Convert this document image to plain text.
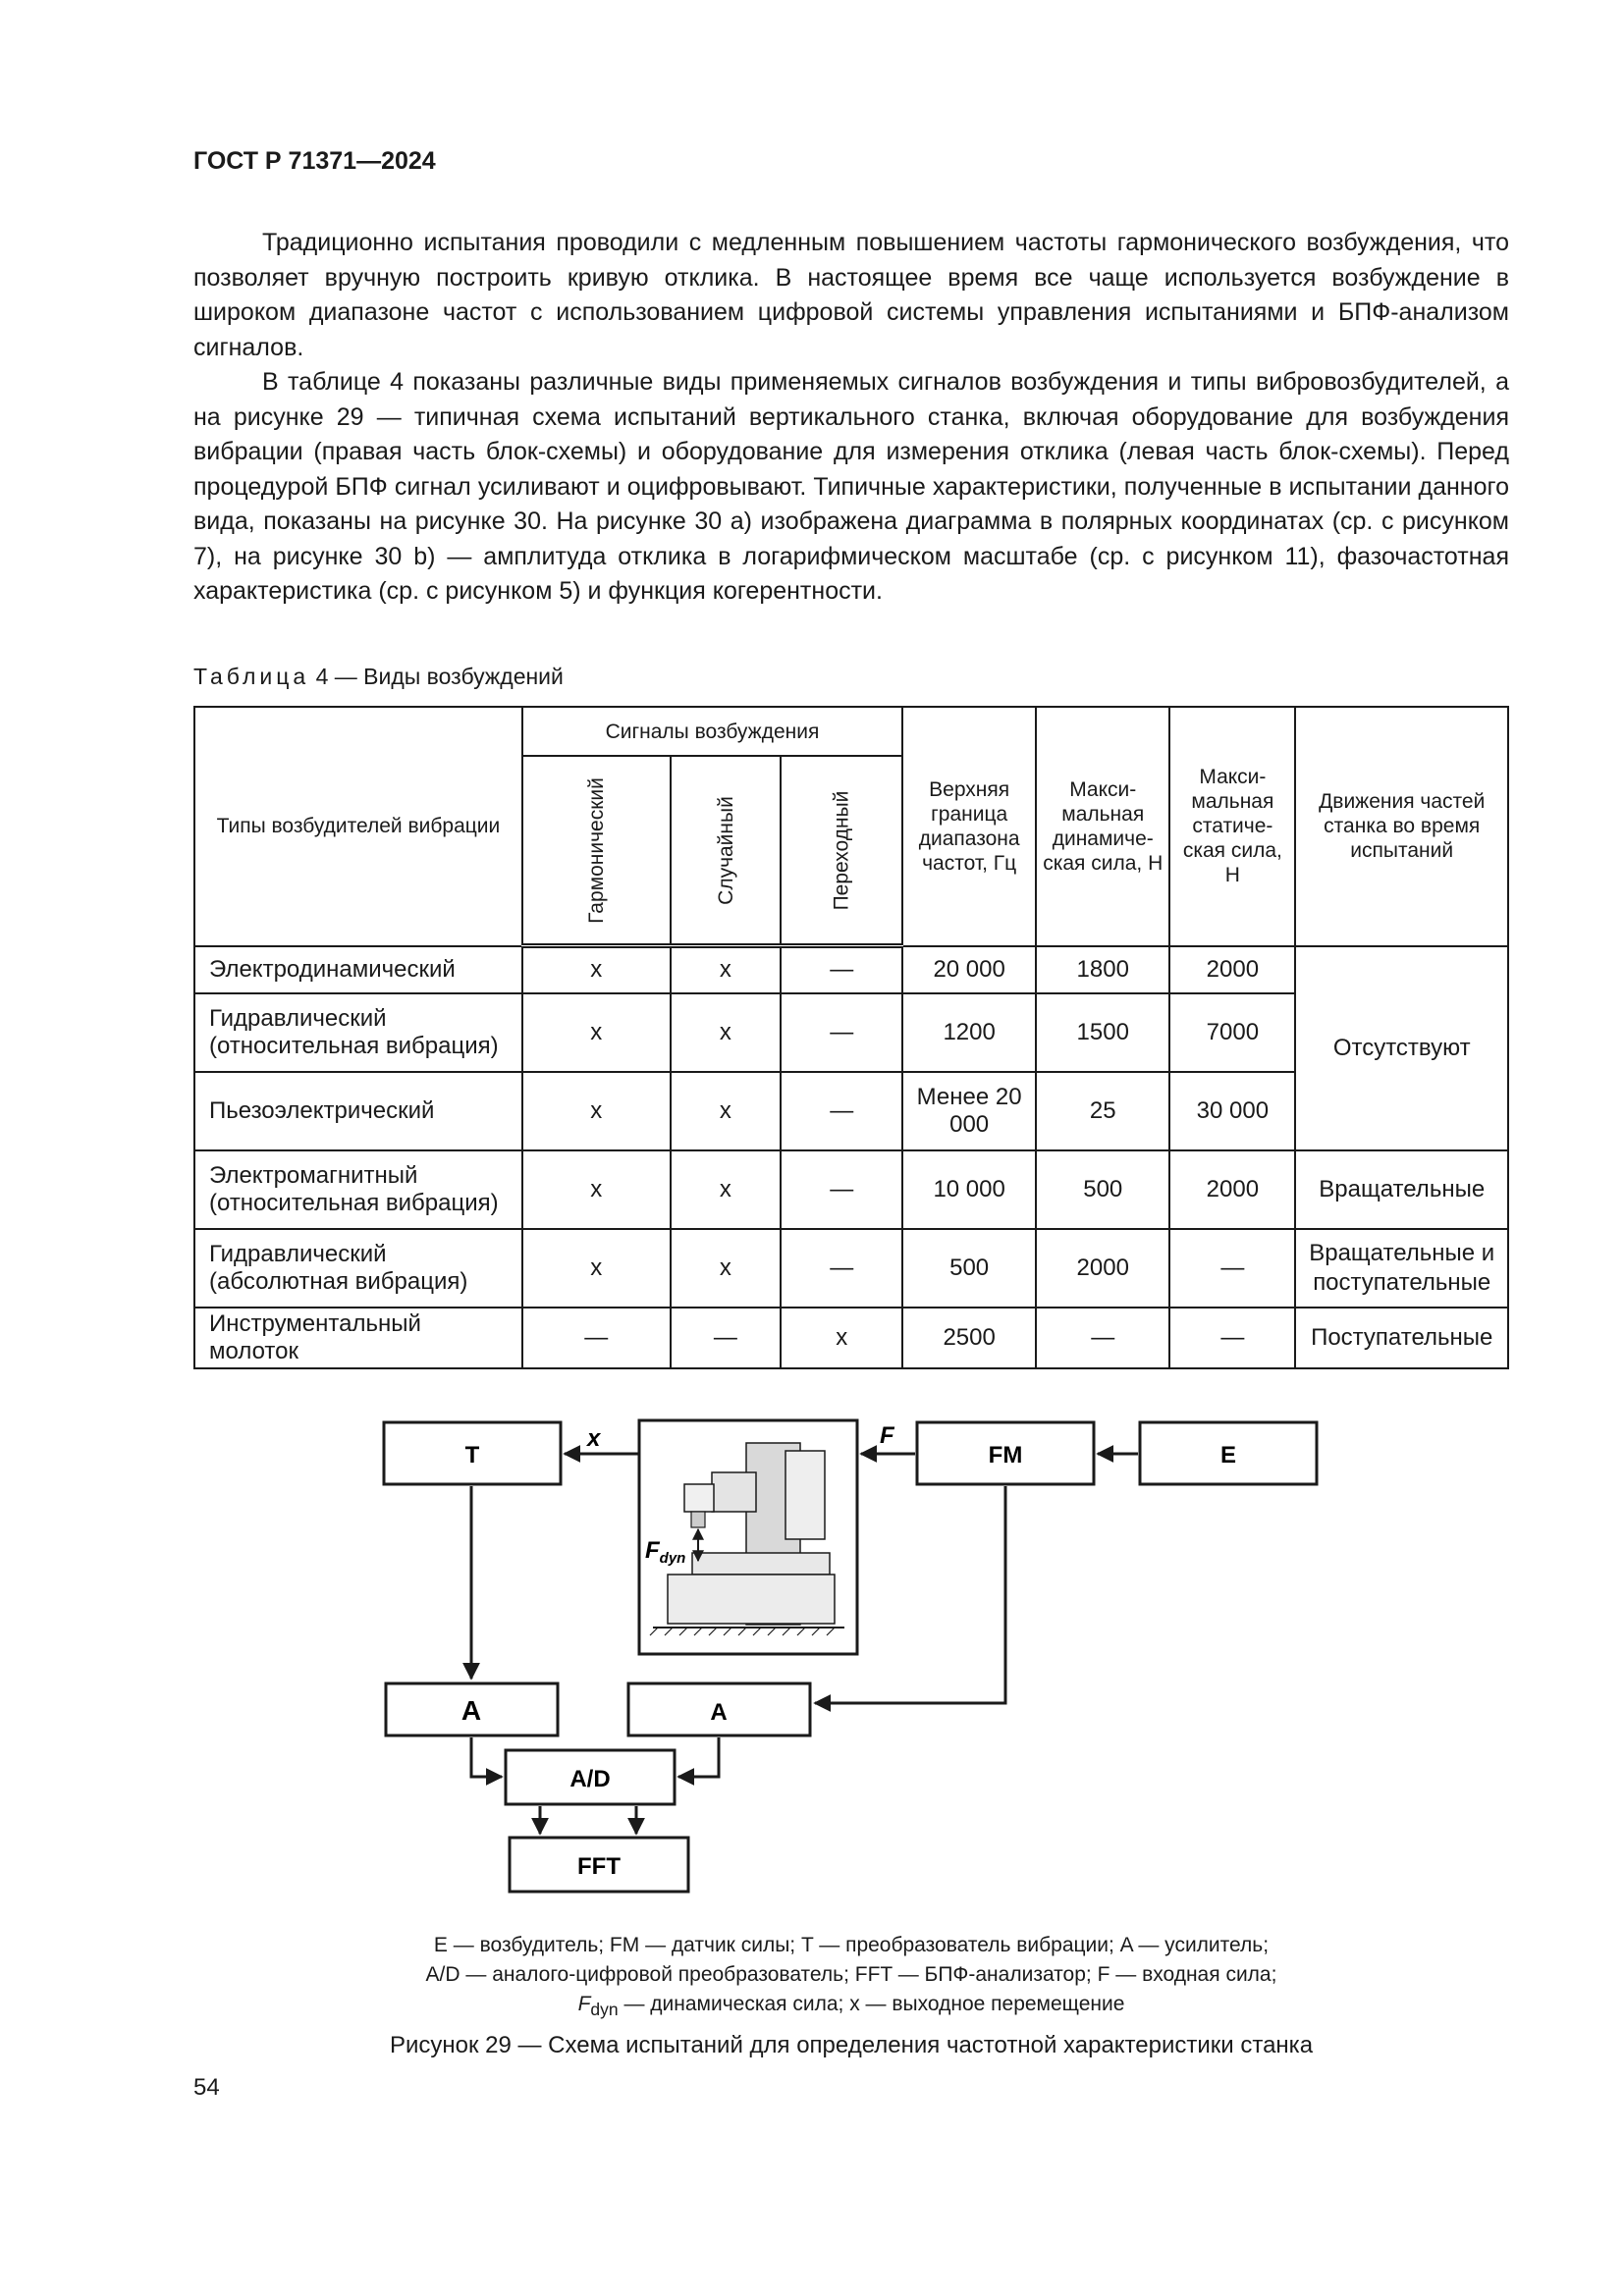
ГОСТ Р 71371—2024

Традиционно испытания проводили с медленным повышением частоты гармонического возбуждения, что позволяет вручную построить кривую отклика. В настоящее время все чаще используется возбуждение в широком диапазоне частот с использованием цифровой системы управления испытаниями и БПФ-анализом сигналов.

В таблице 4 показаны различные виды применяемых сигналов возбуждения и типы вибровозбудителей, а на рисунке 29 — типичная схема испытаний вертикального станка, включая оборудование для возбуждения вибрации (правая часть блок-схемы) и оборудование для измерения отклика (левая часть блок-схемы). Перед процедурой БПФ сигнал усиливают и оцифровывают. Типичные характеристики, полученные в испытании данного вида, показаны на рисунке 30. На рисунке 30 a) изображена диаграмма в полярных координатах (ср. с рисунком 7), на рисунке 30 b) — амплитуда отклика в логарифмическом масштабе (ср. с рисунком 11), фазочастотная характеристика (ср. с рисунком 5) и функция когерентности.

Таблица 4 — Виды возбуждений
Типы возбудителей вибрации	Сигналы возбуждения			Верхняя граница диапазона частот, Гц	Макси-мальная динамиче-ская сила, Н	Макси-мальная статиче-ская сила, Н	Движения частей станка во время испытаний
	Гармонический	Случайный	Переходный				
Электродинамический	x	x	—	20 000	1800	2000	Отсутствуют
Гидравлический (относительная вибрация)	x	x	—	1200	1500	7000	
Пьезоэлектрический	x	x	—	Менее 20 000	25	30 000	
Электромагнитный (относительная вибрация)	x	x	—	10 000	500	2000	Вращательные
Гидравлический (абсолютная вибрация)	x	x	—	500	2000	—	Вращательные и поступательные
Инструментальный молоток	—	—	x	2500	—	—	Поступательные
T	FM	E
A	A
A/D
FFT
$F_{dyn}$
x	F
E — возбудитель; FM — датчик силы; T — преобразователь вибрации; A — усилитель;
A/D — аналого-цифровой преобразователь; FFT — БПФ-анализатор; F — входная сила;
$F_{dyn}$ — динамическая сила; x — выходное перемещение
Рисунок 29 — Схема испытаний для определения частотной характеристики станка
54
